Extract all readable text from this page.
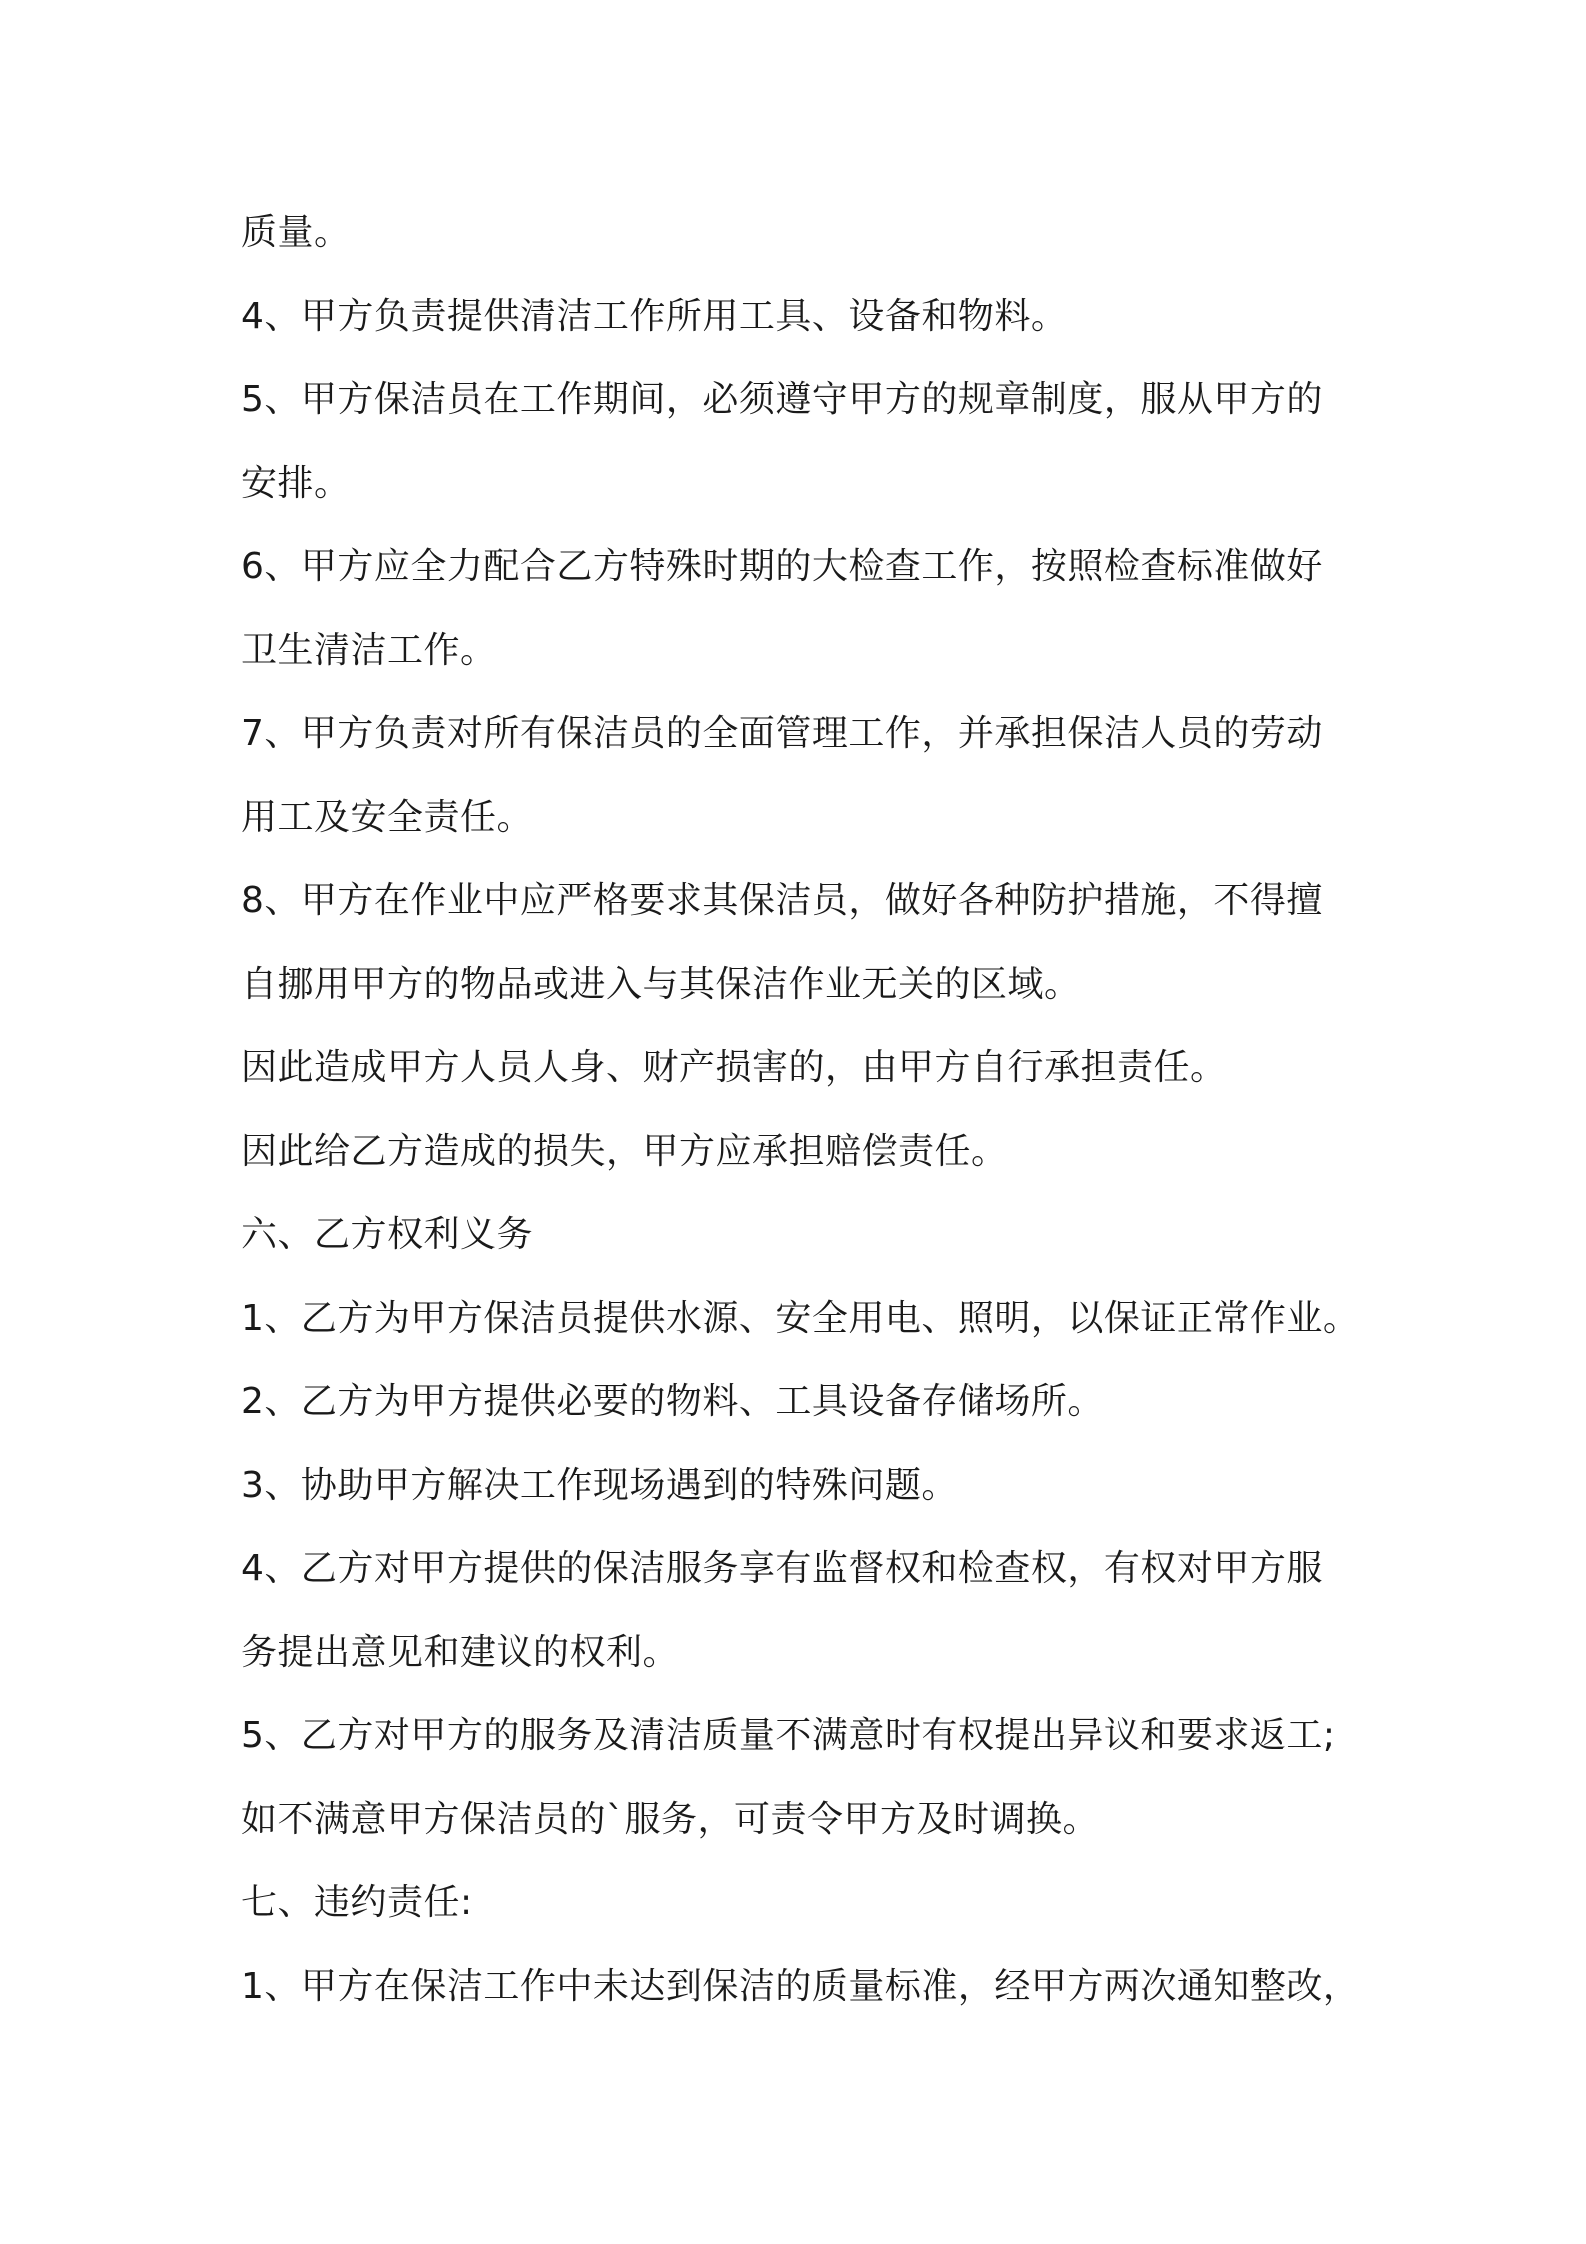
质量。
4、甲方负责提供清洁工作所用工具、设备和物料。
5、甲方保洁员在工作期间，必须遵守甲方的规章制度，服从甲方的
安排。
6、甲方应全力配合乙方特殊时期的大检查工作，按照检查标准做好
卫生清洁工作。
7、甲方负责对所有保洁员的全面管理工作，并承担保洁人员的劳动
用工及安全责任。
8、甲方在作业中应严格要求其保洁员，做好各种防护措施，不得擅
自挪用甲方的物品或进入与其保洁作业无关的区域。
因此造成甲方人员人身、财产损害的，由甲方自行承担责任。
因此给乙方造成的损失，甲方应承担赔偿责任。
六、乙方权利义务
1、乙方为甲方保洁员提供水源、安全用电、照明，以保证正常作业。
2、乙方为甲方提供必要的物料、工具设备存储场所。
3、协助甲方解决工作现场遇到的特殊问题。
4、乙方对甲方提供的保洁服务享有监督权和检查权，有权对甲方服
务提出意见和建议的权利。
5、乙方对甲方的服务及清洁质量不满意时有权提出异议和要求返工;
如不满意甲方保洁员的`服务，可责令甲方及时调换。
七、违约责任:
1、甲方在保洁工作中未达到保洁的质量标准，经甲方两次通知整改，
